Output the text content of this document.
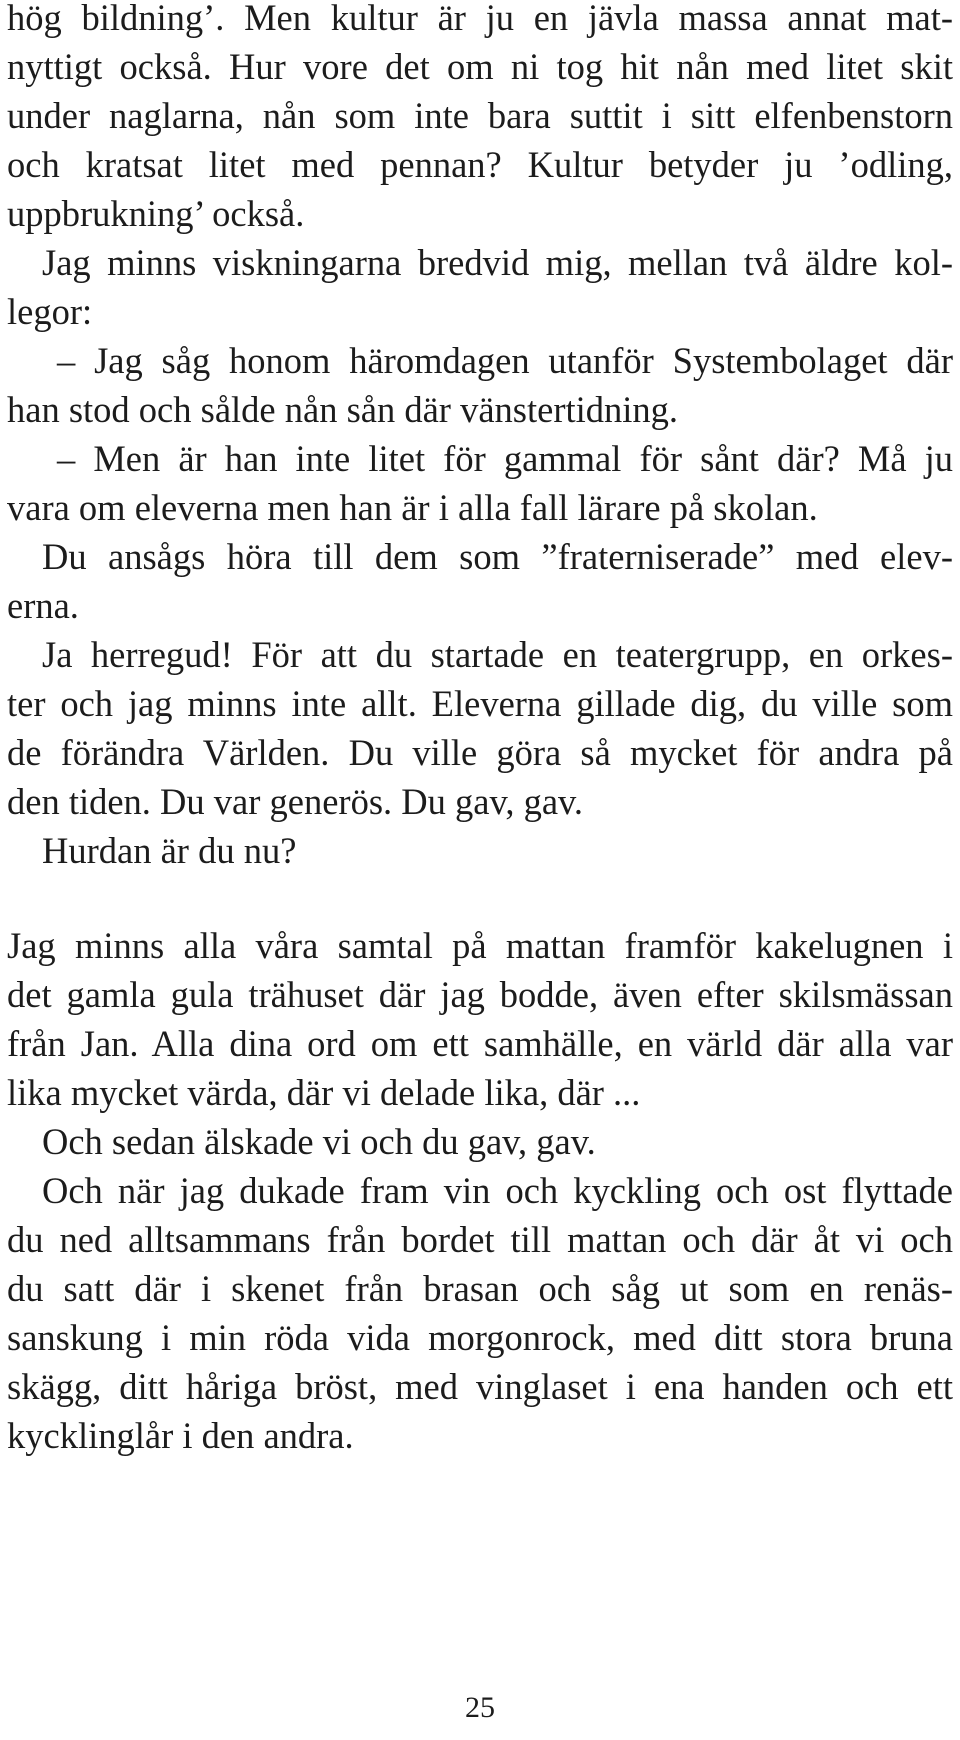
hög bildning’. Men kultur är ju en jävla massa annat mat-
nyttigt också. Hur vore det om ni tog hit nån med litet skit
under naglarna, nån som inte bara suttit i sitt elfenbenstorn
och kratsat litet med pennan? Kultur betyder ju ’odling,
uppbrukning’ också.
Jag minns viskningarna bredvid mig, mellan två äldre kol-
legor:
– Jag såg honom häromdagen utanför Systembolaget där
han stod och sålde nån sån där vänstertidning.
– Men är han inte litet för gammal för sånt där? Må ju
vara om eleverna men han är i alla fall lärare på skolan.
Du ansågs höra till dem som ”fraterniserade” med elev-
erna.
Ja herregud! För att du startade en teatergrupp, en orkes-
ter och jag minns inte allt. Eleverna gillade dig, du ville som
de förändra Världen. Du ville göra så mycket för andra på
den tiden. Du var generös. Du gav, gav.
Hurdan är du nu?
Jag minns alla våra samtal på mattan framför kakelugnen i
det gamla gula trähuset där jag bodde, även efter skilsmässan
från Jan. Alla dina ord om ett samhälle, en värld där alla var
lika mycket värda, där vi delade lika, där ...
Och sedan älskade vi och du gav, gav.
Och när jag dukade fram vin och kyckling och ost flyttade
du ned alltsammans från bordet till mattan och där åt vi och
du satt där i skenet från brasan och såg ut som en renäs-
sanskung i min röda vida morgonrock, med ditt stora bruna
skägg, ditt håriga bröst, med vinglaset i ena handen och ett
kycklinglår i den andra.
25
